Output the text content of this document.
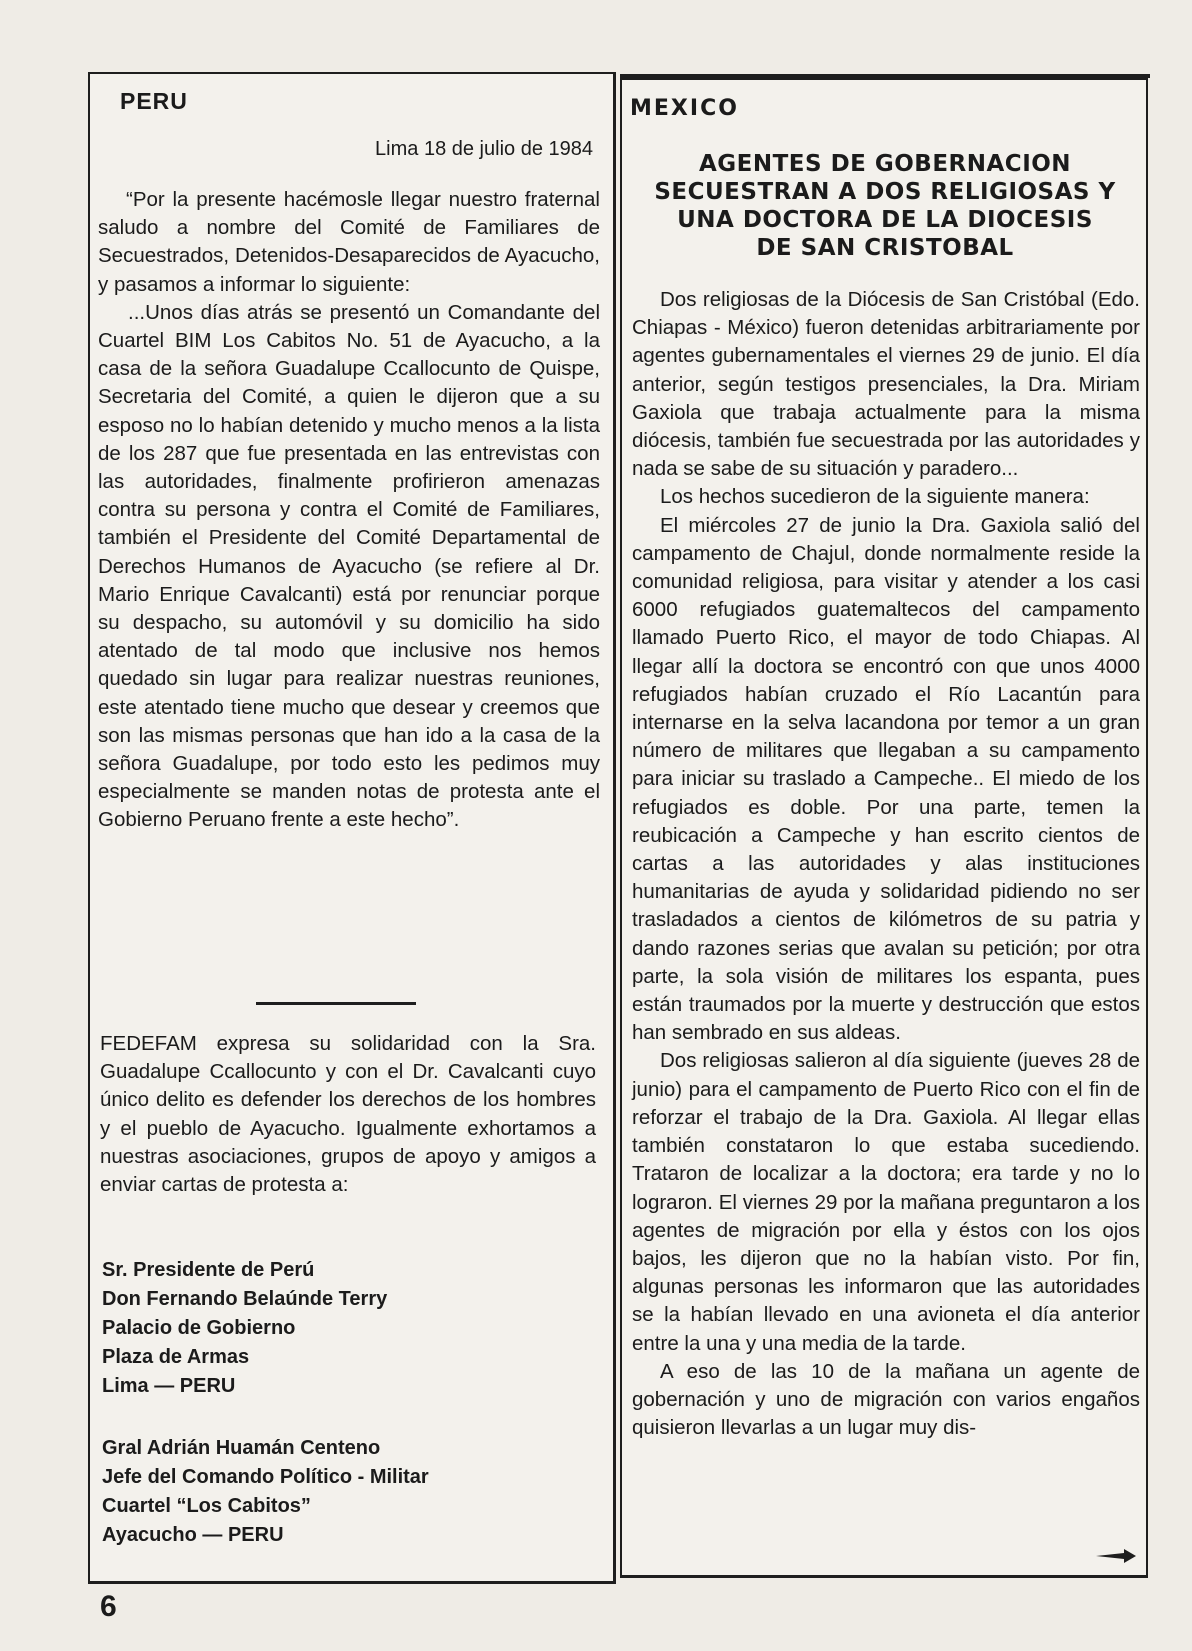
PERU
Lima 18 de julio de 1984

“Por la presente hacémosle llegar nuestro fraternal saludo a nombre del Comité de Familiares de Secuestrados, Detenidos-Desaparecidos de Ayacucho, y pasamos a informar lo siguiente:

...Unos días atrás se presentó un Comandante del Cuartel BIM Los Cabitos No. 51 de Ayacucho, a la casa de la señora Guadalupe Ccallocunto de Quispe, Secretaria del Comité, a quien le dijeron que a su esposo no lo habían detenido y mucho menos a la lista de los 287 que fue presentada en las entrevistas con las autoridades, finalmente profirieron amenazas contra su persona y contra el Comité de Familiares, también el Presidente del Comité Departamental de Derechos Humanos de Ayacucho (se refiere al Dr. Mario Enrique Cavalcanti) está por renunciar porque su despacho, su automóvil y su domicilio ha sido atentado de tal modo que inclusive nos hemos quedado sin lugar para realizar nuestras reuniones, este atentado tiene mucho que desear y creemos que son las mismas personas que han ido a la casa de la señora Guadalupe, por todo esto les pedimos muy especialmente se manden notas de protesta ante el Gobierno Peruano frente a este hecho”.

FEDEFAM expresa su solidaridad con la Sra. Guadalupe Ccallocunto y con el Dr. Cavalcanti cuyo único delito es defender los derechos de los hombres y el pueblo de Ayacucho. Igualmente exhortamos a nuestras asociaciones, grupos de apoyo y amigos a enviar cartas de protesta a:

Sr. Presidente de Perú
Don Fernando Belaúnde Terry
Palacio de Gobierno
Plaza de Armas
Lima — PERU
Gral Adrián Huamán Centeno
Jefe del Comando Político - Militar
Cuartel “Los Cabitos”
Ayacucho — PERU
MEXICO
AGENTES DE GOBERNACION
SECUESTRAN A DOS RELIGIOSAS Y
UNA DOCTORA DE LA DIOCESIS
DE SAN CRISTOBAL

Dos religiosas de la Diócesis de San Cristóbal (Edo. Chiapas - México) fueron detenidas arbitrariamente por agentes gubernamentales el viernes 29 de junio. El día anterior, según testigos presenciales, la Dra. Miriam Gaxiola que trabaja actualmente para la misma diócesis, también fue secuestrada por las autoridades y nada se sabe de su situación y paradero...

Los hechos sucedieron de la siguiente manera:

El miércoles 27 de junio la Dra. Gaxiola salió del campamento de Chajul, donde normalmente reside la comunidad religiosa, para visitar y atender a los casi 6000 refugiados guatemaltecos del campamento llamado Puerto Rico, el mayor de todo Chiapas. Al llegar allí la doctora se encontró con que unos 4000 refugiados habían cruzado el Río Lacantún para internarse en la selva lacandona por temor a un gran número de militares que llegaban a su campamento para iniciar su traslado a Campeche.. El miedo de los refugiados es doble. Por una parte, temen la reubicación a Campeche y han escrito cientos de cartas a las autoridades y alas instituciones humanitarias de ayuda y solidaridad pidiendo no ser trasladados a cientos de kilómetros de su patria y dando razones serias que avalan su petición; por otra parte, la sola visión de militares los espanta, pues están traumados por la muerte y destrucción que estos han sembrado en sus aldeas.

Dos religiosas salieron al día siguiente (jueves 28 de junio) para el campamento de Puerto Rico con el fin de reforzar el trabajo de la Dra. Gaxiola. Al llegar ellas también constataron lo que estaba sucediendo. Trataron de localizar a la doctora; era tarde y no lo lograron. El viernes 29 por la mañana preguntaron a los agentes de migración por ella y éstos con los ojos bajos, les dijeron que no la habían visto. Por fin, algunas personas les informaron que las autoridades se la habían llevado en una avioneta el día anterior entre la una y una media de la tarde.

A eso de las 10 de la mañana un agente de gobernación y uno de migración con varios engaños quisieron llevarlas a un lugar muy dis-

6
